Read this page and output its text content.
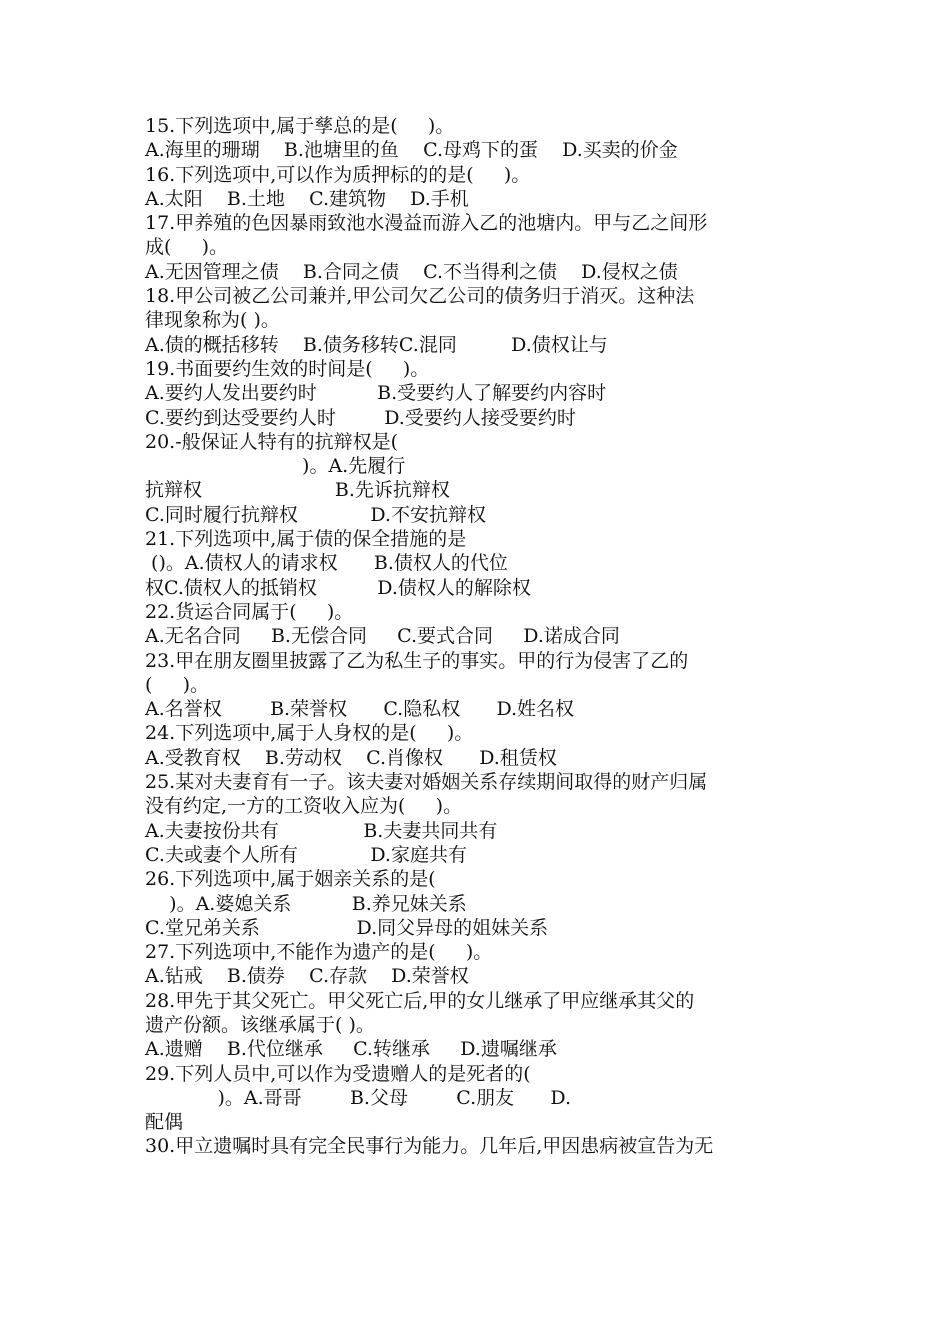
15.下列选项中,属于孳总的是(     )。
A.海里的珊瑚    B.池塘里的鱼    C.母鸡下的蛋    D.买卖的价金
16.下列选项中,可以作为质押标的的是(     )。
A.太阳    B.土地    C.建筑物    D.手机
17.甲养殖的色因暴雨致池水漫益而游入乙的池塘内。甲与乙之间形
成(     )。
A.无因管理之债    B.合同之债    C.不当得利之债    D.侵权之债
18.甲公司被乙公司兼并,甲公司欠乙公司的债务归于消灭。这种法
律现象称为( )。
A.债的概括移转    B.债务移转C.混同         D.债权让与
19.书面要约生效的时间是(     )。
A.要约人发出要约时          B.受要约人了解要约内容时
C.要约到达受要约人时        D.受要约人接受要约时
20.-般保证人特有的抗辩权是(
)。A.先履行
抗辩权                      B.先诉抗辩权
C.同时履行抗辩权            D.不安抗辩权
21.下列选项中,属于债的保全措施的是
()。A.债权人的请求权      B.债权人的代位
权C.债权人的抵销权          D.债权人的解除权
22.货运合同属于(     )。
A.无名合同     B.无偿合同     C.要式合同     D.诺成合同
23.甲在朋友圈里披露了乙为私生子的事实。甲的行为侵害了乙的
(     )。
A.名誉权        B.荣誉权      C.隐私权      D.姓名权
24.下列选项中,属于人身权的是(     )。
A.受教育权    B.劳动权    C.肖像权      D.租赁权
25.某对夫妻育有一子。该夫妻对婚姻关系存续期间取得的财产归属
没有约定,一方的工资收入应为(     )。
A.夫妻按份共有              B.夫妻共同共有
C.夫或妻个人所有            D.家庭共有
26.下列选项中,属于姻亲关系的是(
)。A.婆媳关系          B.养兄妹关系
C.堂兄弟关系                D.同父异母的姐妹关系
27.下列选项中,不能作为遗产的是(     )。
A.钻戒    B.债券    C.存款    D.荣誉权
28.甲先于其父死亡。甲父死亡后,甲的女儿继承了甲应继承其父的
遗产份额。该继承属于( )。
A.遗赠    B.代位继承     C.转继承     D.遗嘱继承
29.下列人员中,可以作为受遗赠人的是死者的(
)。A.哥哥        B.父母        C.朋友      D.
配偶
30.甲立遗嘱时具有完全民事行为能力。几年后,甲因患病被宣告为无
